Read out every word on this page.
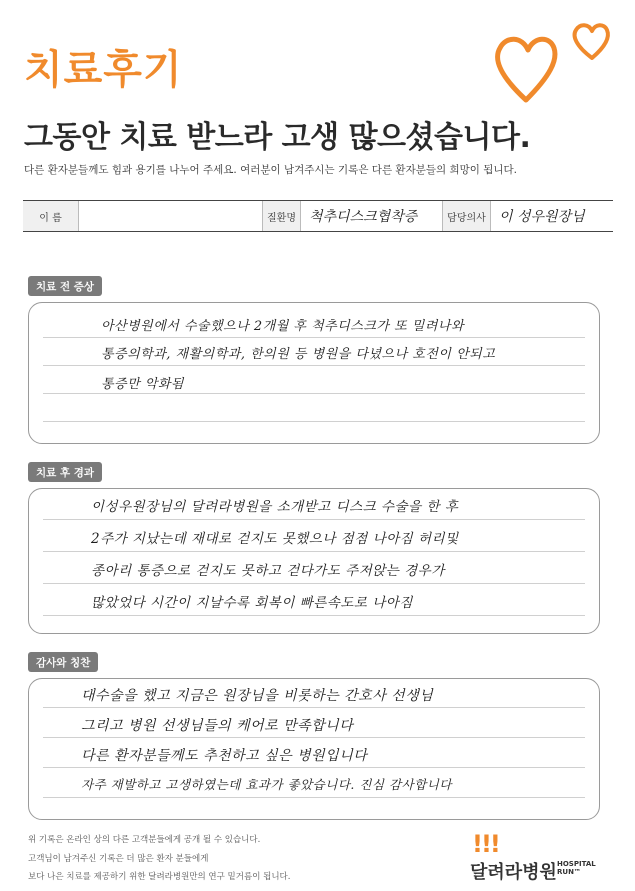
치료후기
그동안 치료 받느라 고생 많으셨습니다.
다른 환자분들께도 힘과 용기를 나누어 주세요. 여러분이 남겨주시는 기록은 다른 환자분들의 희망이 됩니다.
이 름	질환명 척추디스크협착증	담당의사 이 성우원장님
치료 전 증상
아산병원에서 수술했으나 2개월 후 척추디스크가 또 밀려나와
통증의학과, 재활의학과, 한의원 등 병원을 다녔으나 호전이 안되고
통증만 악화됨
치료 후 경과
이성우원장님의 달려라병원을 소개받고 디스크 수술을 한 후
2주가 지났는데 재대로 걷지도 못했으나 점점 나아짐 허리및
종아리 통증으로 걷지도 못하고 걷다가도 주저앉는 경우가
많았었다 시간이 지날수록 회복이 빠른속도로 나아짐
감사와 칭찬
대수술을 했고 지금은 원장님을 비롯하는 간호사 선생님
그리고 병원 선생님들의 케어로 만족합니다
다른 환자분들께도 추천하고 싶은 병원입니다
자주 재발하고 고생하였는데 효과가 좋았습니다. 진심 감사합니다
위 기록은 온라인 상의 다른 고객분들에게 공개 될 수 있습니다.
고객님이 남겨주신 기록은 더 많은 환자 분들에게
보다 나은 치료를 제공하기 위한 달려라병원만의 연구 밑거름이 됩니다.
!!!
달려라병원 HOSPITAL RUN™
